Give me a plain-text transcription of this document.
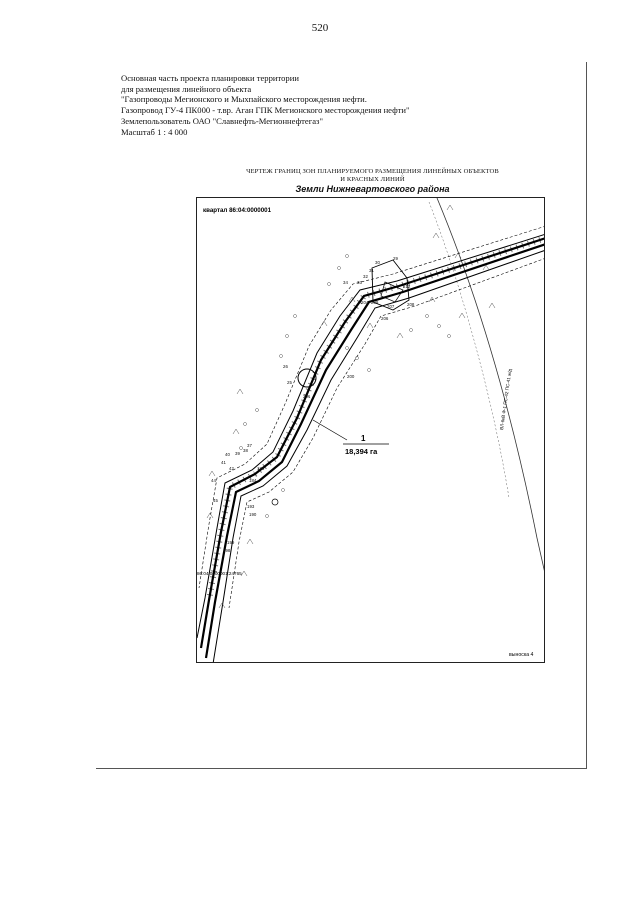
520
Основная часть проекта планировки территории
для размещения линейного объекта
"Газопроводы Мегионского и Мыхпайского месторождения нефти.
Газопровод ГУ-4 ПК000 - т.вр. Аган ГПК Мегионского месторождения нефти"
Землепользователь ОАО "Славнефть-Мегионнефтегаз"
Масштаб 1 : 4 000
ЧЕРТЕЖ ГРАНИЦ ЗОН ПЛАНИРУЕМОГО РАЗМЕЩЕНИЯ ЛИНЕЙНЫХ ОБЪЕКТОВ
И КРАСНЫХ ЛИНИЙ
Земли Нижневартовского района
квартал 86:04:0000001
1
18,394 га
ВЛ-6кВ Ф-1 ПС-42 ПС-41 ж/д
86:04:0000001:24765
выноска 4
30
29
31
32
33
34
212
204 209
206
207	208
201
200
40 39
38
37
41
42
44
45
186
184
193
190
199
198
26
25
